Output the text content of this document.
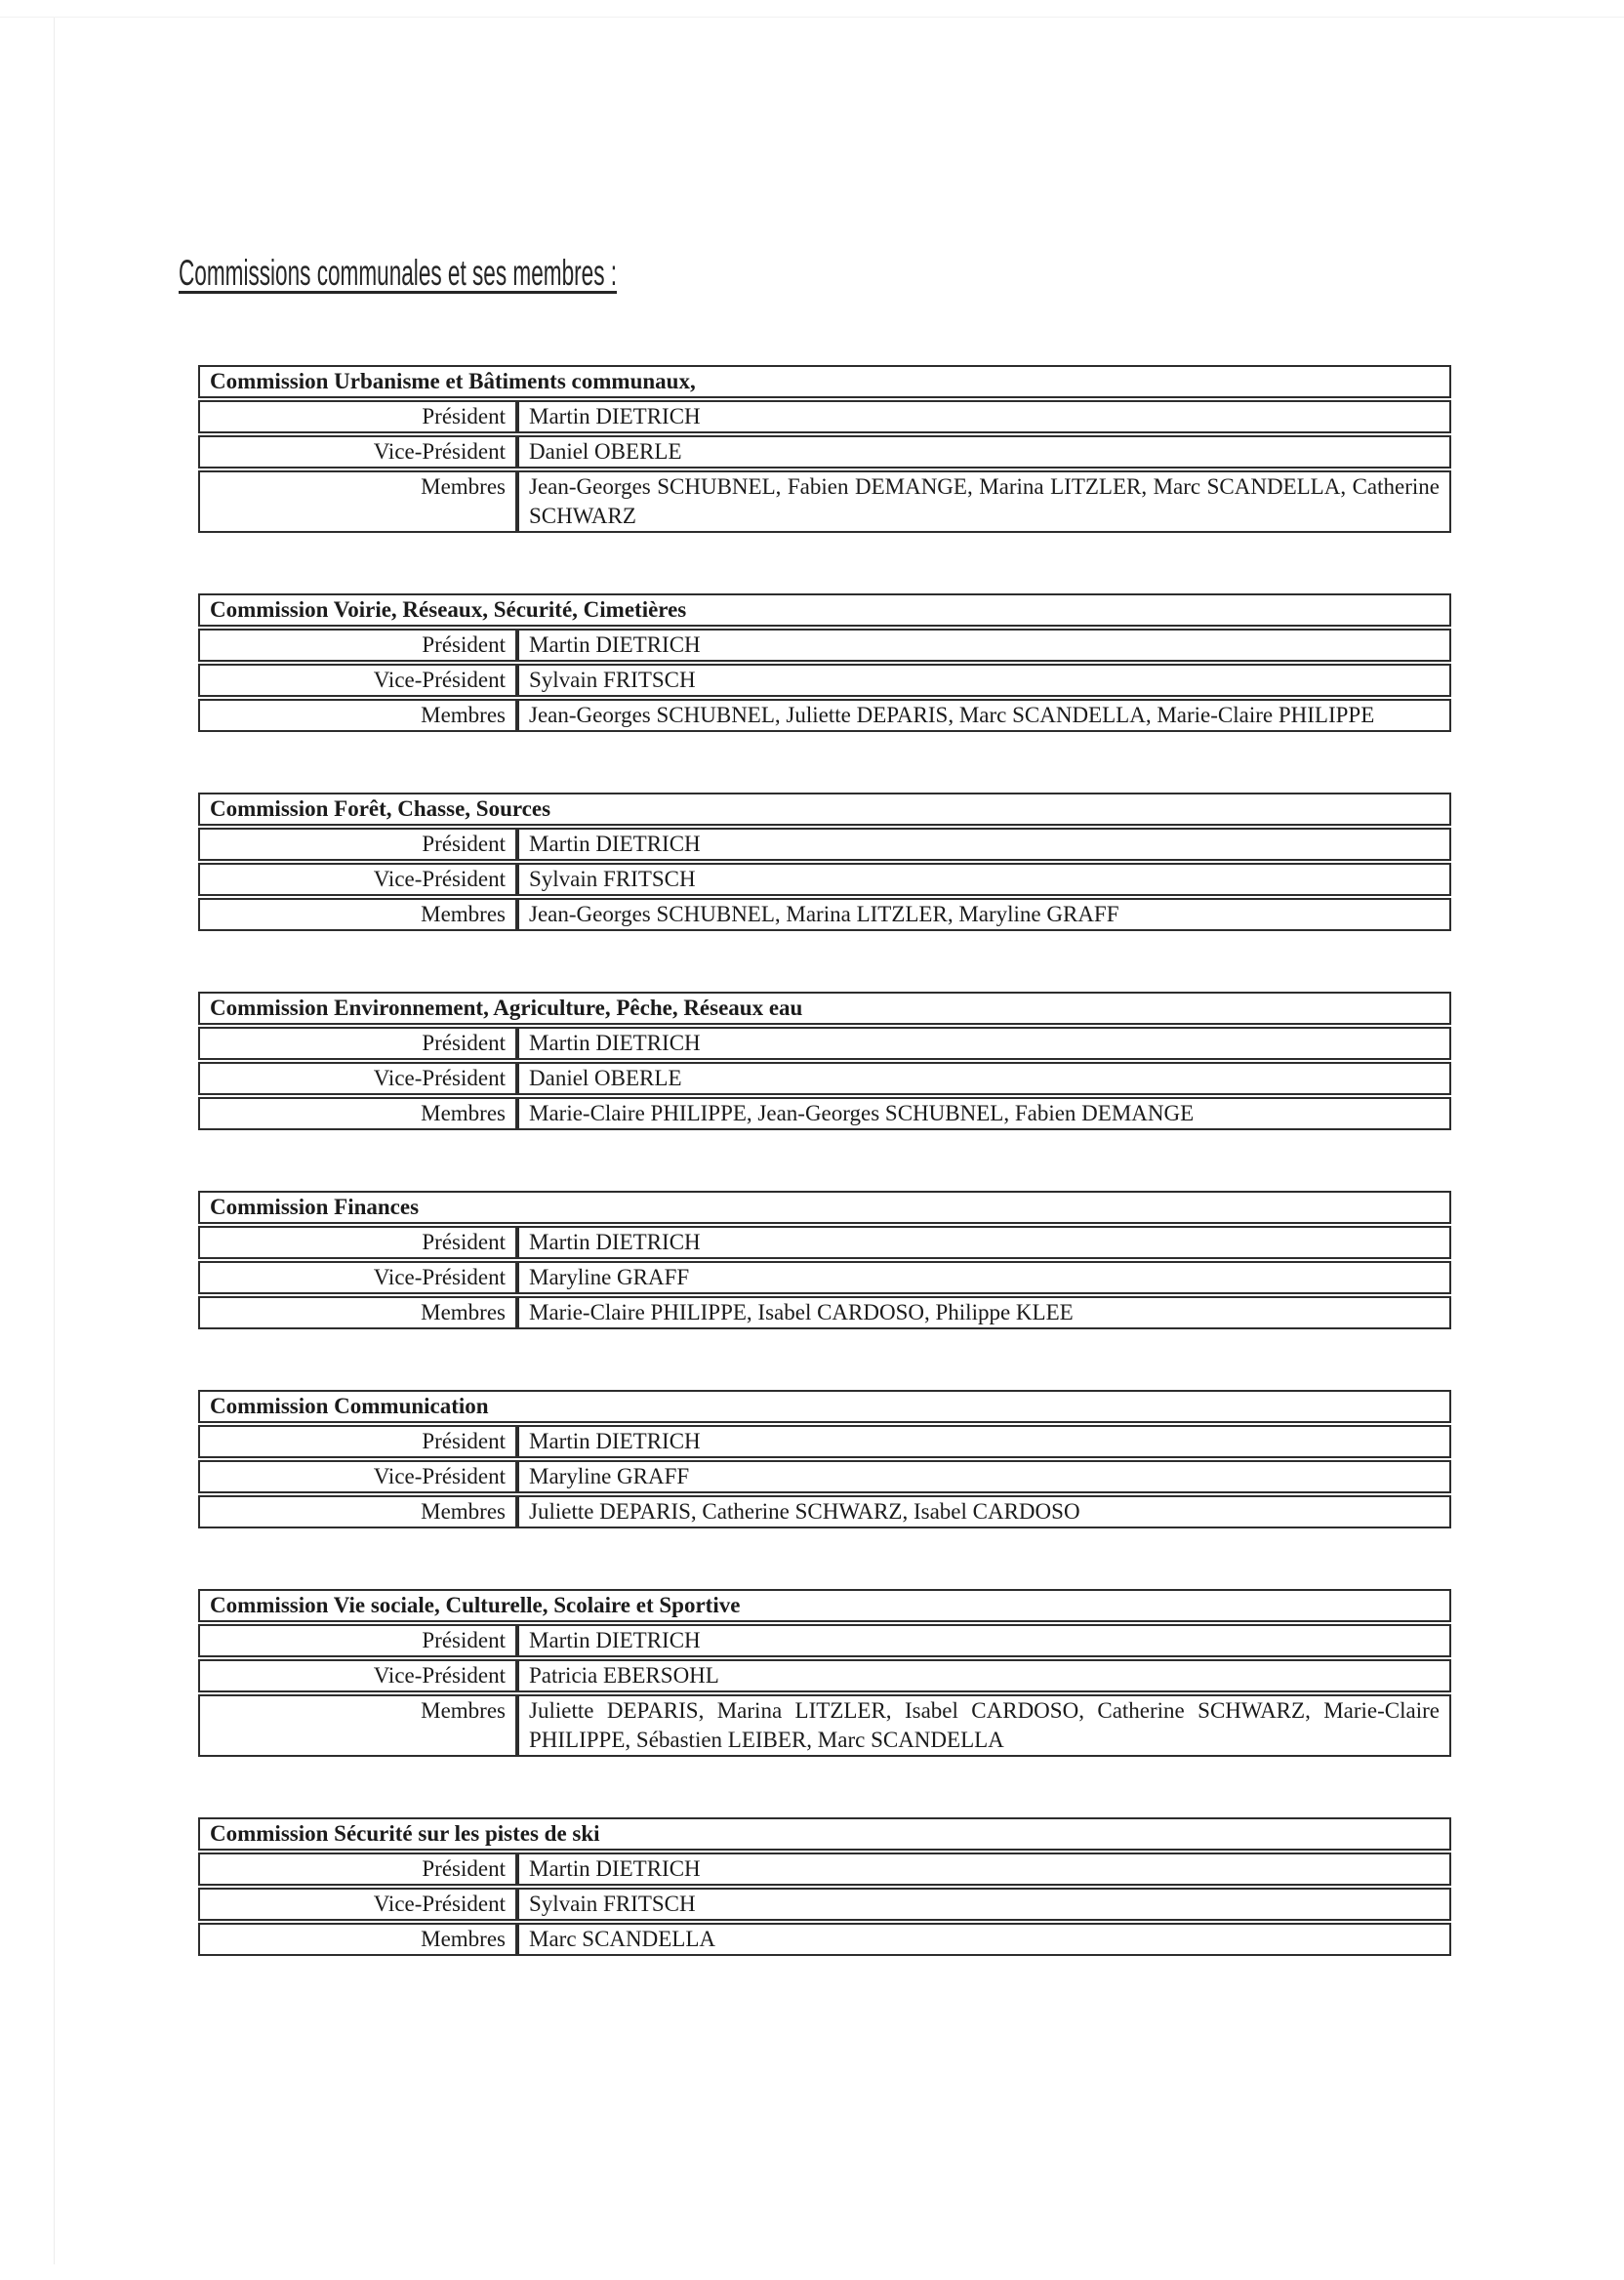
Commissions communales et ses membres :
Commission Urbanisme et Bâtiments communaux,	
Président	Martin DIETRICH
Vice-Président	Daniel OBERLE
Membres	Jean-Georges SCHUBNEL, Fabien DEMANGE, Marina LITZLER, Marc SCANDELLA, Catherine SCHWARZ
Commission Voirie, Réseaux, Sécurité, Cimetières	
Président	Martin DIETRICH
Vice-Président	Sylvain FRITSCH
Membres	Jean-Georges SCHUBNEL, Juliette DEPARIS, Marc SCANDELLA, Marie-Claire PHILIPPE
Commission Forêt, Chasse, Sources	
Président	Martin DIETRICH
Vice-Président	Sylvain FRITSCH
Membres	Jean-Georges SCHUBNEL, Marina LITZLER, Maryline GRAFF
Commission Environnement, Agriculture, Pêche, Réseaux eau	
Président	Martin DIETRICH
Vice-Président	Daniel OBERLE
Membres	Marie-Claire PHILIPPE, Jean-Georges SCHUBNEL, Fabien DEMANGE
Commission Finances	
Président	Martin DIETRICH
Vice-Président	Maryline GRAFF
Membres	Marie-Claire PHILIPPE, Isabel CARDOSO, Philippe KLEE
Commission Communication	
Président	Martin DIETRICH
Vice-Président	Maryline GRAFF
Membres	Juliette DEPARIS, Catherine SCHWARZ, Isabel CARDOSO
Commission Vie sociale, Culturelle, Scolaire et Sportive	
Président	Martin DIETRICH
Vice-Président	Patricia EBERSOHL
Membres	Juliette DEPARIS, Marina LITZLER, Isabel CARDOSO, Catherine SCHWARZ, Marie-Claire PHILIPPE, Sébastien LEIBER, Marc SCANDELLA
Commission Sécurité sur les pistes de ski	
Président	Martin DIETRICH
Vice-Président	Sylvain FRITSCH
Membres	Marc SCANDELLA
